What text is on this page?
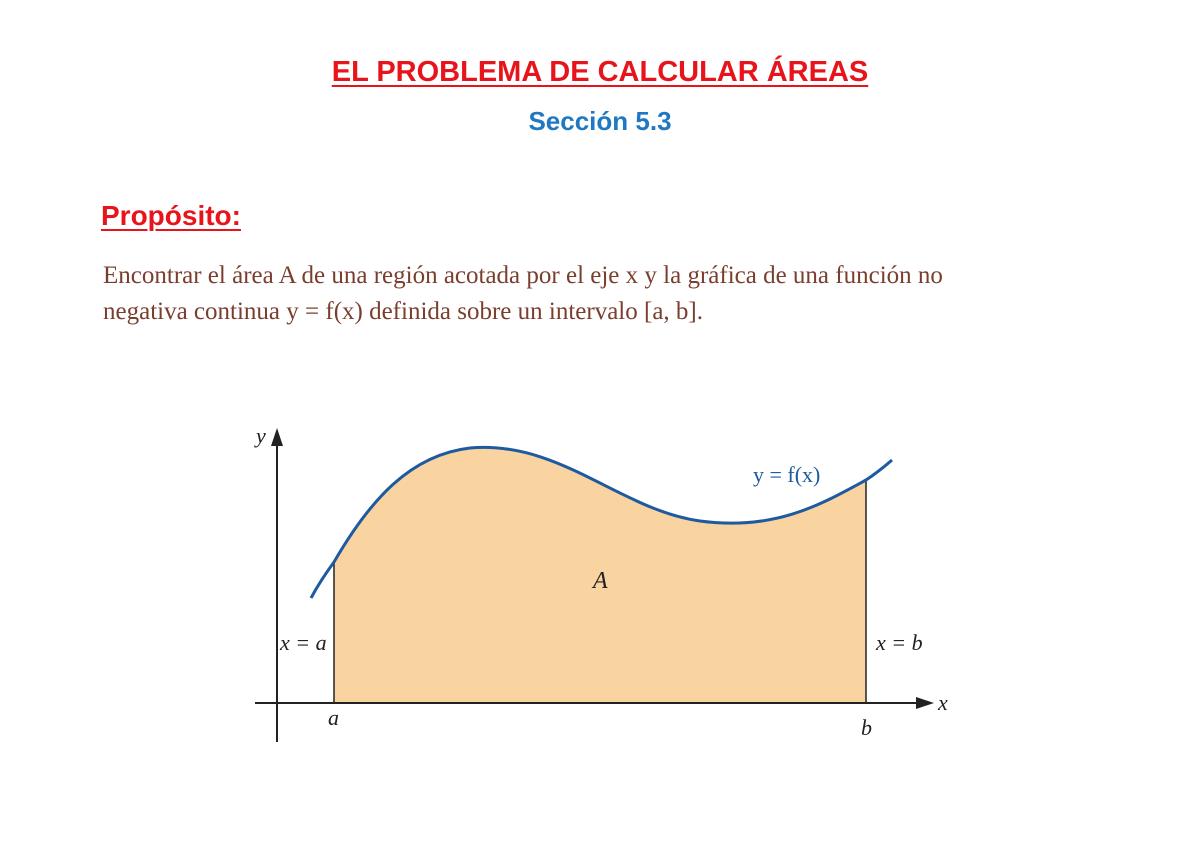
EL PROBLEMA DE CALCULAR ÁREAS
Sección 5.3
Propósito:

Encontrar el área A de una región acotada por el eje x y la gráfica de una función no

negativa continua y = f(x) definida sobre un intervalo [a, b].

y
x
y = f(x)
A
x = a	x = b
a	b
